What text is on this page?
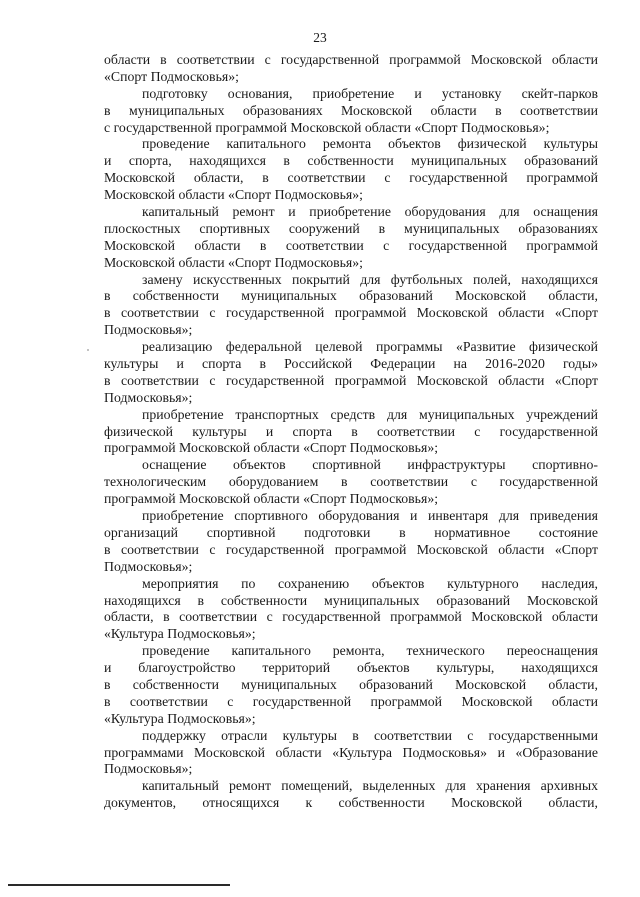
23
области в соответствии с государственной программой Московской области
«Спорт Подмосковья»;
подготовку основания, приобретение и установку скейт-парков
в муниципальных образованиях Московской области в соответствии
с государственной программой Московской области «Спорт Подмосковья»;
проведение капитального ремонта объектов физической культуры
и спорта, находящихся в собственности муниципальных образований
Московской области, в соответствии с государственной программой
Московской области «Спорт Подмосковья»;
капитальный ремонт и приобретение оборудования для оснащения
плоскостных спортивных сооружений в муниципальных образованиях
Московской области в соответствии с государственной программой
Московской области «Спорт Подмосковья»;
замену искусственных покрытий для футбольных полей, находящихся
в собственности муниципальных образований Московской области,
в соответствии с государственной программой Московской области «Спорт
Подмосковья»;
реализацию федеральной целевой программы «Развитие физической
культуры и спорта в Российской Федерации на 2016-2020 годы»
в соответствии с государственной программой Московской области «Спорт
Подмосковья»;
приобретение транспортных средств для муниципальных учреждений
физической культуры и спорта в соответствии с государственной
программой Московской области «Спорт Подмосковья»;
оснащение объектов спортивной инфраструктуры спортивно-
технологическим оборудованием в соответствии с государственной
программой Московской области «Спорт Подмосковья»;
приобретение спортивного оборудования и инвентаря для приведения
организаций спортивной подготовки в нормативное состояние
в соответствии с государственной программой Московской области «Спорт
Подмосковья»;
мероприятия по сохранению объектов культурного наследия,
находящихся в собственности муниципальных образований Московской
области, в соответствии с государственной программой Московской области
«Культура Подмосковья»;
проведение капитального ремонта, технического переоснащения
и благоустройство территорий объектов культуры, находящихся
в собственности муниципальных образований Московской области,
в соответствии с государственной программой Московской области
«Культура Подмосковья»;
поддержку отрасли культуры в соответствии с государственными
программами Московской области «Культура Подмосковья» и «Образование
Подмосковья»;
капитальный ремонт помещений, выделенных для хранения архивных
документов, относящихся к собственности Московской области,
